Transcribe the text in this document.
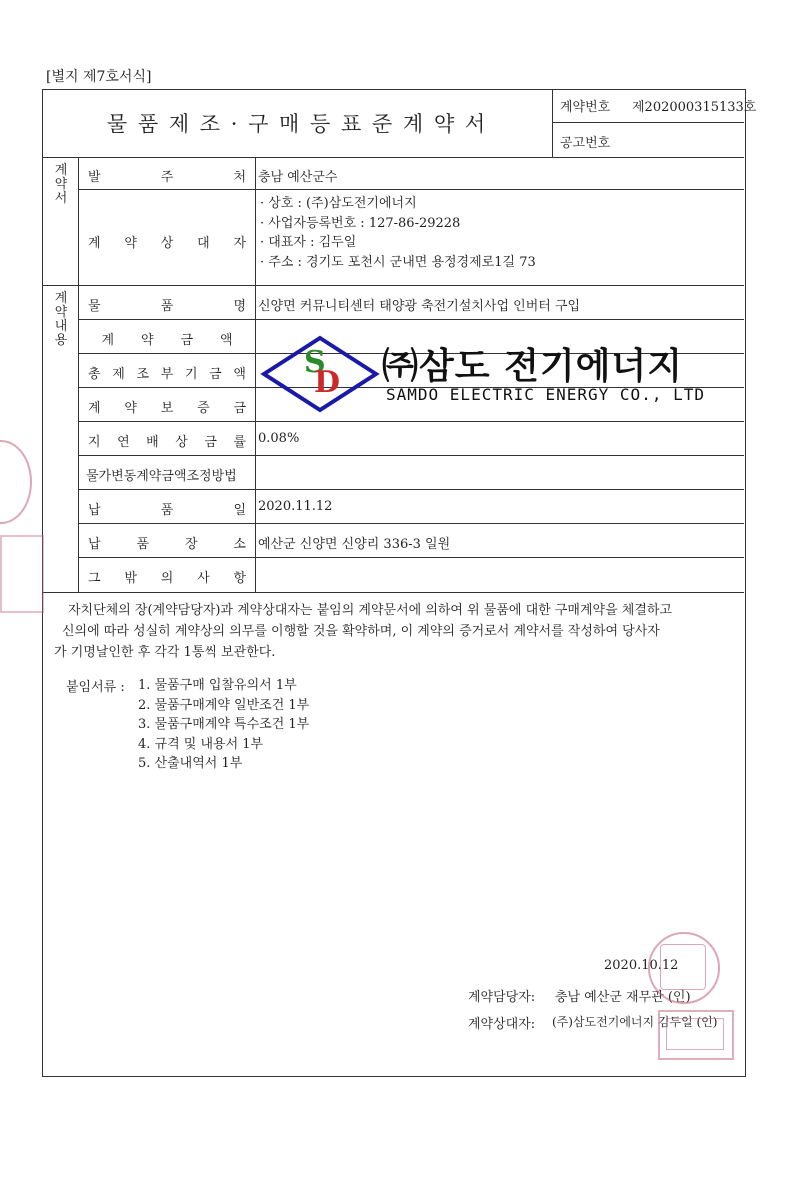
[별지 제7호서식]
물 품 제 조 · 구 매 등 표 준 계 약 서
계약번호 제202000315133호
공고번호
계
약
서
발	주	처 충남 예산군수
계 약 상 대 자
· 상호 : (주)삼도전기에너지
· 사업자등록번호 : 127-86-29228
· 대표자 : 김두일
· 주소 : 경기도 포천시 군내면 용정경제로1길 73
계
약
내
용
물	품	명 신양면 커뮤니티센터 태양광 축전기설치사업 인버터 구입
계 약 금 액
총 제 조 부 기 금 액
계 약 보 증 금
지 연 배 상 금 률 0.08%
물가변동계약금액조정방법
납	품	일 2020.11.12
납	품	장	소 예산군 신양면 신양리 336-3 일원
그 밖 의 사 항
S
D ㈜삼도 전기에너지
SAMDO ELECTRIC ENERGY CO., LTD
자치단체의 장(계약담당자)과 계약상대자는 붙임의 계약문서에 의하여 위 물품에 대한 구매계약을 체결하고
신의에 따라 성실히 계약상의 의무를 이행할 것을 확약하며, 이 계약의 증거로서 계약서를 작성하여 당사자
가 기명날인한 후 각각 1통씩 보관한다.
붙임서류 : 1. 물품구매 입찰유의서 1부
2. 물품구매계약 일반조건 1부
3. 물품구매계약 특수조건 1부
4. 규격 및 내용서 1부
5. 산출내역서 1부
2020.10.12
계약담당자: 충남 예산군 재무관 (인)
계약상대자: (주)삼도전기에너지 김두일 (인)
